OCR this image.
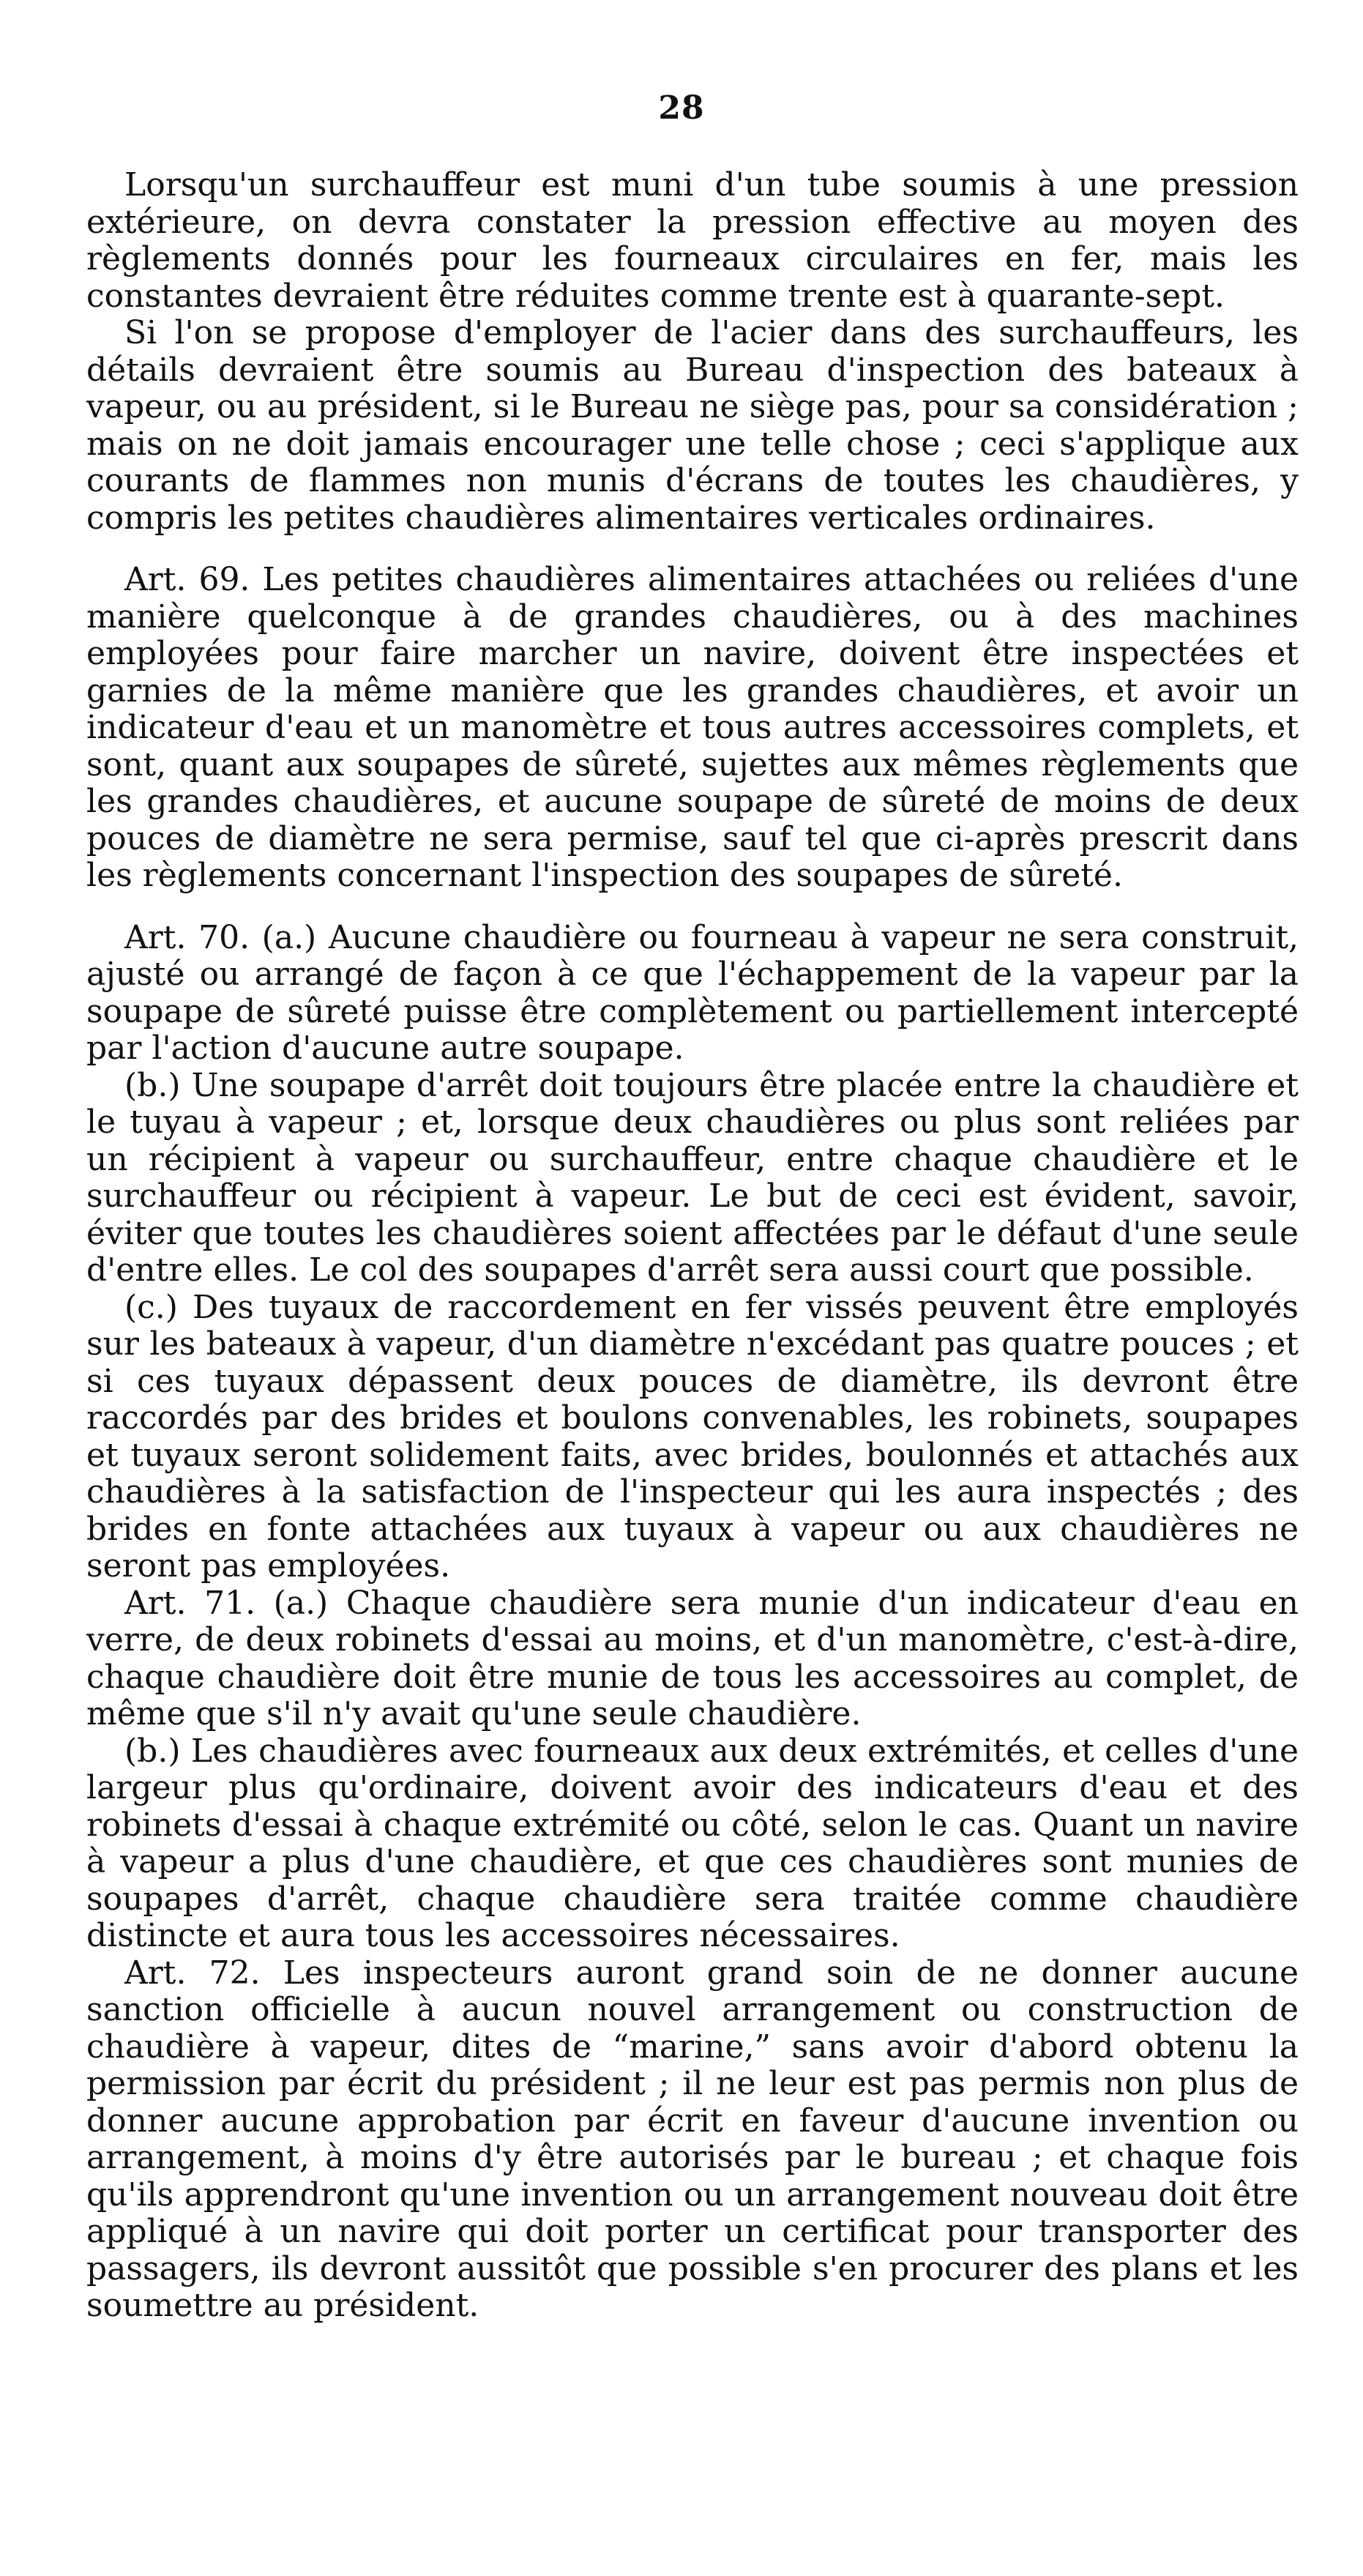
28

Lorsqu'un surchauffeur est muni d'un tube soumis à une pression extérieure, on devra constater la pression effective au moyen des règlements donnés pour les fourneaux circulaires en fer, mais les constantes devraient être réduites comme trente est à quarante-sept.

Si l'on se propose d'employer de l'acier dans des surchauffeurs, les détails devraient être soumis au Bureau d'inspection des bateaux à vapeur, ou au président, si le Bureau ne siège pas, pour sa considération ; mais on ne doit jamais encourager une telle chose ; ceci s'applique aux courants de flammes non munis d'écrans de toutes les chaudières, y compris les petites chaudières alimentaires verticales ordinaires.

Art. 69. Les petites chaudières alimentaires attachées ou reliées d'une manière quelconque à de grandes chaudières, ou à des machines employées pour faire marcher un navire, doivent être inspectées et garnies de la même manière que les grandes chaudières, et avoir un indicateur d'eau et un manomètre et tous autres accessoires complets, et sont, quant aux soupapes de sûreté, sujettes aux mêmes règlements que les grandes chaudières, et aucune soupape de sûreté de moins de deux pouces de diamètre ne sera permise, sauf tel que ci-après prescrit dans les règlements concernant l'inspection des soupapes de sûreté.

Art. 70. (a.) Aucune chaudière ou fourneau à vapeur ne sera construit, ajusté ou arrangé de façon à ce que l'échappement de la vapeur par la soupape de sûreté puisse être complètement ou partiellement intercepté par l'action d'aucune autre soupape.

(b.) Une soupape d'arrêt doit toujours être placée entre la chaudière et le tuyau à vapeur ; et, lorsque deux chaudières ou plus sont reliées par un récipient à vapeur ou surchauffeur, entre chaque chaudière et le surchauffeur ou récipient à vapeur. Le but de ceci est évident, savoir, éviter que toutes les chaudières soient affectées par le défaut d'une seule d'entre elles. Le col des soupapes d'arrêt sera aussi court que possible.

(c.) Des tuyaux de raccordement en fer vissés peuvent être employés sur les bateaux à vapeur, d'un diamètre n'excédant pas quatre pouces ; et si ces tuyaux dépassent deux pouces de diamètre, ils devront être raccordés par des brides et boulons convenables, les robinets, soupapes et tuyaux seront solidement faits, avec brides, boulonnés et attachés aux chaudières à la satisfaction de l'inspecteur qui les aura inspectés ; des brides en fonte attachées aux tuyaux à vapeur ou aux chaudières ne seront pas employées.

Art. 71. (a.) Chaque chaudière sera munie d'un indicateur d'eau en verre, de deux robinets d'essai au moins, et d'un manomètre, c'est-à-dire, chaque chaudière doit être munie de tous les accessoires au complet, de même que s'il n'y avait qu'une seule chaudière.

(b.) Les chaudières avec fourneaux aux deux extrémités, et celles d'une largeur plus qu'ordinaire, doivent avoir des indicateurs d'eau et des robinets d'essai à chaque extrémité ou côté, selon le cas. Quant un navire à vapeur a plus d'une chaudière, et que ces chaudières sont munies de soupapes d'arrêt, chaque chaudière sera traitée comme chaudière distincte et aura tous les accessoires nécessaires.

Art. 72. Les inspecteurs auront grand soin de ne donner aucune sanction officielle à aucun nouvel arrangement ou construction de chaudière à vapeur, dites de “marine,” sans avoir d'abord obtenu la permission par écrit du président ; il ne leur est pas permis non plus de donner aucune approbation par écrit en faveur d'aucune invention ou arrangement, à moins d'y être autorisés par le bureau ; et chaque fois qu'ils apprendront qu'une invention ou un arrangement nouveau doit être appliqué à un navire qui doit porter un certificat pour transporter des passagers, ils devront aussitôt que possible s'en procurer des plans et les soumettre au président.
